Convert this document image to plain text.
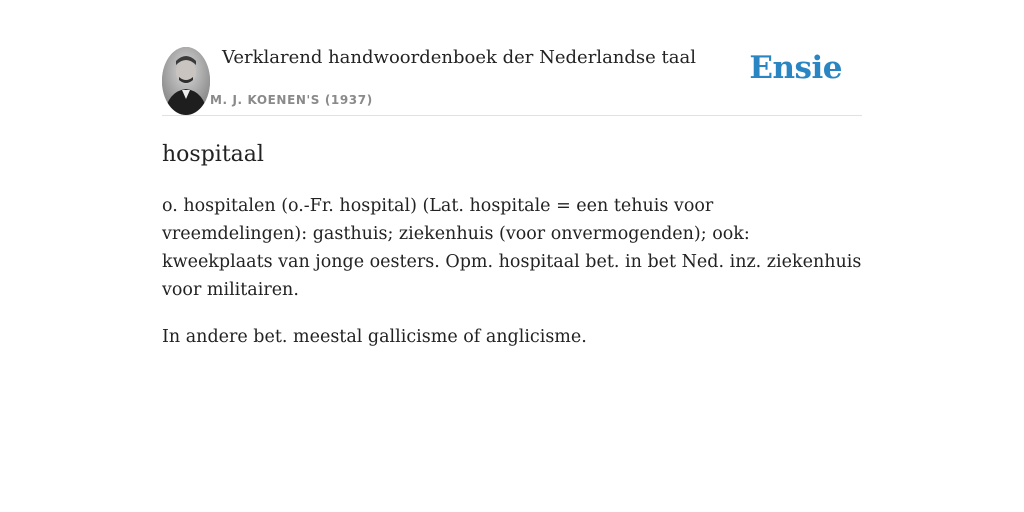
Verklarend handwoordenboek der Nederlandse taal
M. J. KOENEN'S (1937)
Ensie
hospitaal

o. hospitalen (o.-Fr. hospital) (Lat. hospitale = een tehuis voor vreemdelingen): gasthuis; ziekenhuis (voor onvermogenden); ook: kweekplaats van jonge oesters. Opm. hospitaal bet. in bet Ned. inz. ziekenhuis voor militairen.

In andere bet. meestal gallicisme of anglicisme.
